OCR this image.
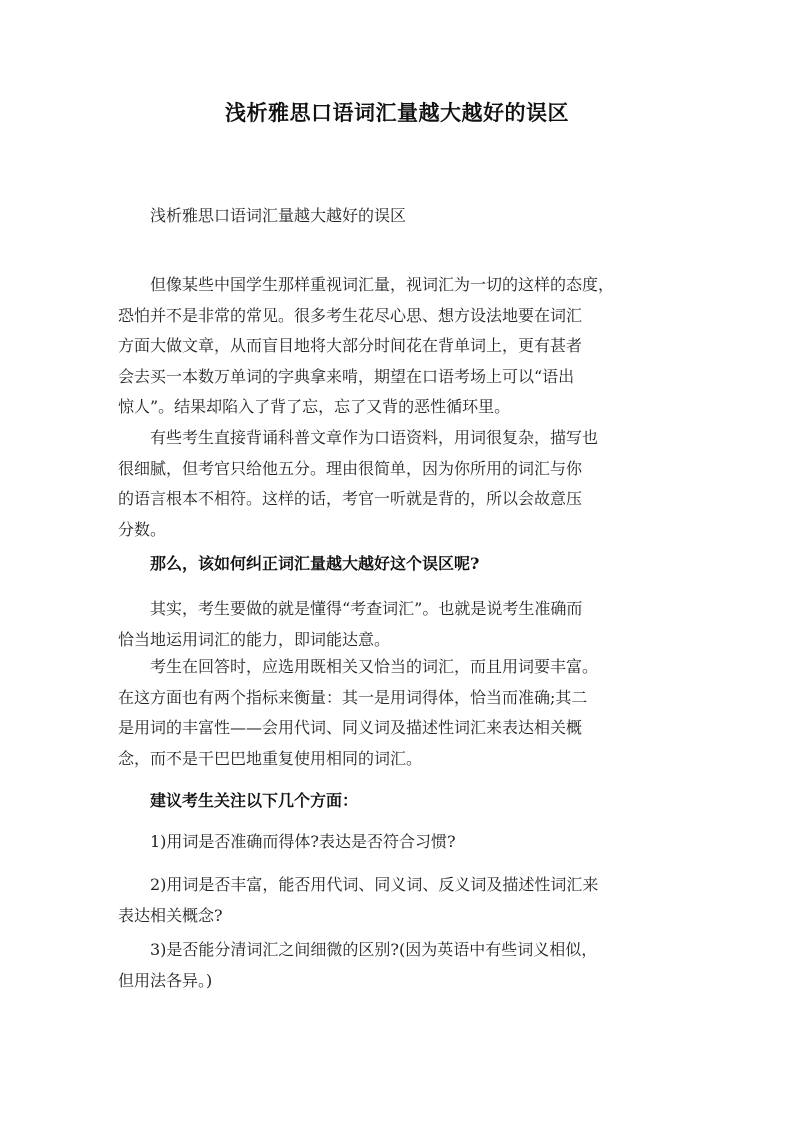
浅析雅思口语词汇量越大越好的误区
浅析雅思口语词汇量越大越好的误区
但像某些中国学生那样重视词汇量，视词汇为一切的这样的态度，
恐怕并不是非常的常见。很多考生花尽心思、想方设法地要在词汇
方面大做文章，从而盲目地将大部分时间花在背单词上，更有甚者
会去买一本数万单词的字典拿来啃，期望在口语考场上可以“语出
惊人”。结果却陷入了背了忘，忘了又背的恶性循环里。
有些考生直接背诵科普文章作为口语资料，用词很复杂，描写也
很细腻，但考官只给他五分。理由很简单，因为你所用的词汇与你
的语言根本不相符。这样的话，考官一听就是背的，所以会故意压
分数。
那么，该如何纠正词汇量越大越好这个误区呢?
其实，考生要做的就是懂得“考查词汇”。也就是说考生准确而
恰当地运用词汇的能力，即词能达意。
考生在回答时，应选用既相关又恰当的词汇，而且用词要丰富。
在这方面也有两个指标来衡量：其一是用词得体，恰当而准确;其二
是用词的丰富性——会用代词、同义词及描述性词汇来表达相关概
念，而不是干巴巴地重复使用相同的词汇。
建议考生关注以下几个方面：
1)用词是否准确而得体?表达是否符合习惯?
2)用词是否丰富，能否用代词、同义词、反义词及描述性词汇来
表达相关概念?
3)是否能分清词汇之间细微的区别?(因为英语中有些词义相似，
但用法各异。)
